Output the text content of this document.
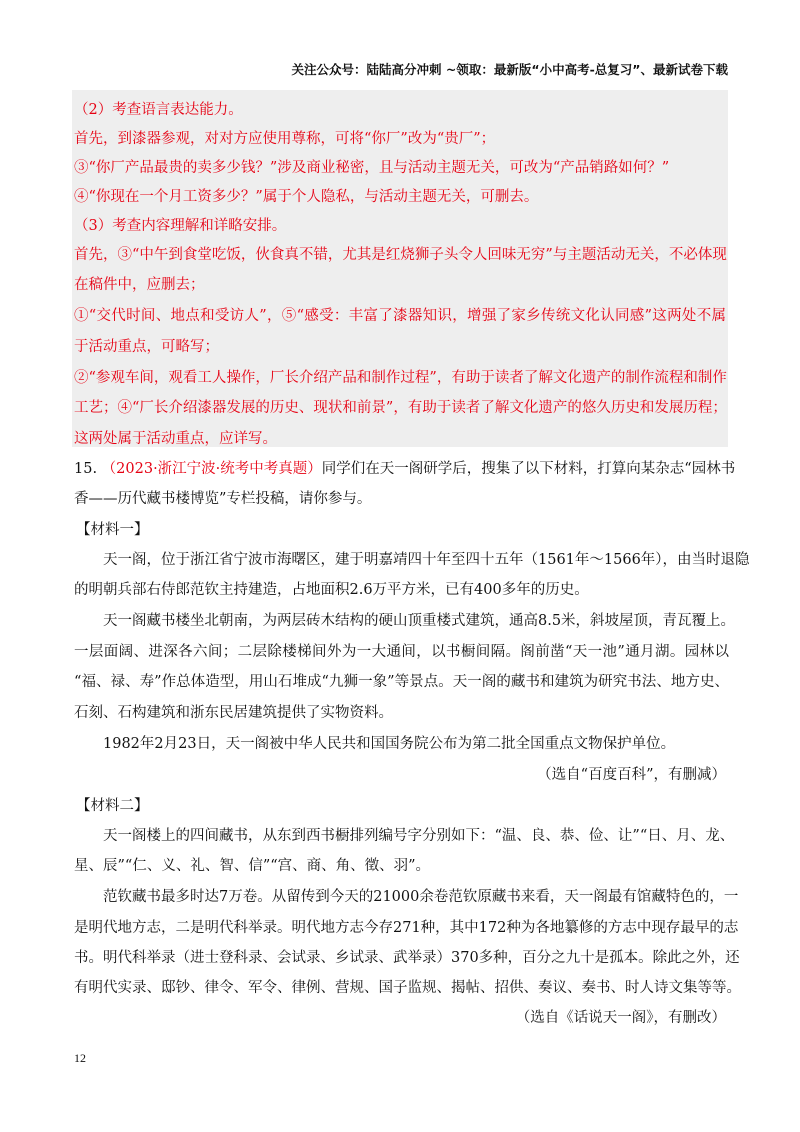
关注公众号：陆陆高分冲刺 ~领取：最新版“小中高考-总复习”、最新试卷下载
（2）考查语言表达能力。
首先，到漆器参观，对对方应使用尊称，可将“你厂”改为“贵厂”；
③“你厂产品最贵的卖多少钱？”涉及商业秘密，且与活动主题无关，可改为“产品销路如何？”
④“你现在一个月工资多少？”属于个人隐私，与活动主题无关，可删去。
（3）考查内容理解和详略安排。
首先，③“中午到食堂吃饭，伙食真不错，尤其是红烧狮子头令人回味无穷”与主题活动无关，不必体现
在稿件中，应删去；
①“交代时间、地点和受访人”，⑤“感受：丰富了漆器知识，增强了家乡传统文化认同感”这两处不属
于活动重点，可略写；
②“参观车间，观看工人操作，厂长介绍产品和制作过程”，有助于读者了解文化遗产的制作流程和制作
工艺；④“厂长介绍漆器发展的历史、现状和前景”，有助于读者了解文化遗产的悠久历史和发展历程；
这两处属于活动重点，应详写。
15. （2023·浙江宁波·统考中考真题）同学们在天一阁研学后，搜集了以下材料，打算向某杂志“园林书
香——历代藏书楼博览”专栏投稿，请你参与。
【材料一】
天一阁，位于浙江省宁波市海曙区，建于明嘉靖四十年至四十五年（1561年～1566年），由当时退隐
的明朝兵部右侍郎范钦主持建造，占地面积2.6万平方米，已有400多年的历史。
天一阁藏书楼坐北朝南，为两层砖木结构的硬山顶重楼式建筑，通高8.5米，斜坡屋顶，青瓦覆上。
一层面阔、进深各六间；二层除楼梯间外为一大通间，以书橱间隔。阁前凿“天一池”通月湖。园林以
“福、禄、寿”作总体造型，用山石堆成“九狮一象”等景点。天一阁的藏书和建筑为研究书法、地方史、
石刻、石构建筑和浙东民居建筑提供了实物资料。
1982年2月23日，天一阁被中华人民共和国国务院公布为第二批全国重点文物保护单位。
（选自“百度百科”，有删减）
【材料二】
天一阁楼上的四间藏书，从东到西书橱排列编号字分别如下：“温、良、恭、俭、让”“日、月、龙、
星、辰”“仁、义、礼、智、信”“宫、商、角、徵、羽”。
范钦藏书最多时达7万卷。从留传到今天的21000余卷范钦原藏书来看，天一阁最有馆藏特色的，一
是明代地方志，二是明代科举录。明代地方志今存271种，其中172种为各地纂修的方志中现存最早的志
书。明代科举录（进士登科录、会试录、乡试录、武举录）370多种，百分之九十是孤本。除此之外，还
有明代实录、邸钞、律令、军令、律例、营规、国子监规、揭帖、招供、奏议、奏书、时人诗文集等等。
（选自《话说天一阁》，有删改）
12
